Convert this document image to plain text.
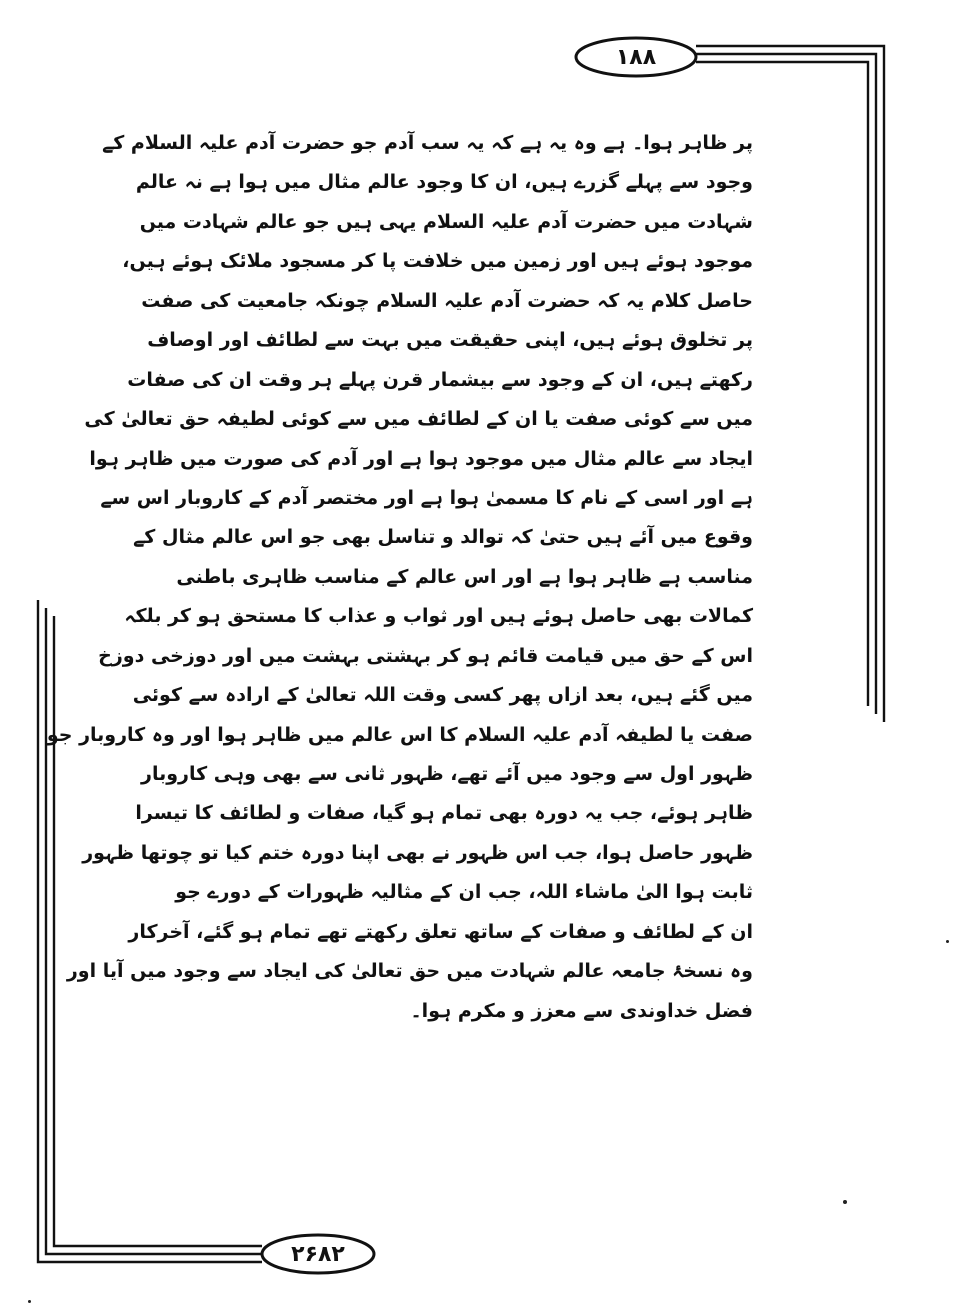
۱۸۸
۲۶۸۲
پر ظاہر ہوا۔ ہے وہ یہ ہے کہ یہ سب آدم جو حضرت آدم علیہ السلام کے
وجود سے پہلے گزرے ہیں، ان کا وجود عالم مثال میں ہوا ہے نہ عالم
شہادت میں حضرت آدم علیہ السلام یہی ہیں جو عالم شہادت میں
موجود ہوئے ہیں اور زمین میں خلافت پا کر مسجود ملائک ہوئے ہیں،
حاصل کلام یہ کہ حضرت آدم علیہ السلام چونکہ جامعیت کی صفت
پر تخلوق ہوئے ہیں، اپنی حقیقت میں بہت سے لطائف اور اوصاف
رکھتے ہیں، ان کے وجود سے بیشمار قرن پہلے ہر وقت ان کی صفات
میں سے کوئی صفت یا ان کے لطائف میں سے کوئی لطیفہ حق تعالیٰ کی
ایجاد سے عالم مثال میں موجود ہوا ہے اور آدم کی صورت میں ظاہر ہوا
ہے اور اسی کے نام کا مسمیٰ ہوا ہے اور مختصر آدم کے کاروبار اس سے
وقوع میں آئے ہیں حتیٰ کہ توالد و تناسل بھی جو اس عالم مثال کے
مناسب ہے ظاہر ہوا ہے اور اس عالم کے مناسب ظاہری باطنی
کمالات بھی حاصل ہوئے ہیں اور ثواب و عذاب کا مستحق ہو کر بلکہ
اس کے حق میں قیامت قائم ہو کر بہشتی بہشت میں اور دوزخی دوزخ
میں گئے ہیں، بعد ازاں پھر کسی وقت اللہ تعالیٰ کے ارادہ سے کوئی
صفت یا لطیفہ آدم علیہ السلام کا اس عالم میں ظاہر ہوا اور وہ کاروبار جو
ظہور اول سے وجود میں آئے تھے، ظہور ثانی سے بھی وہی کاروبار
ظاہر ہوئے، جب یہ دورہ بھی تمام ہو گیا، صفات و لطائف کا تیسرا
ظہور حاصل ہوا، جب اس ظہور نے بھی اپنا دورہ ختم کیا تو چوتھا ظہور
ثابت ہوا الیٰ ماشاء اللہ، جب ان کے مثالیہ ظہورات کے دورے جو
ان کے لطائف و صفات کے ساتھ تعلق رکھتے تھے تمام ہو گئے، آخرکار
وہ نسخۂ جامعہ عالم شہادت میں حق تعالیٰ کی ایجاد سے وجود میں آیا اور
فضل خداوندی سے معزز و مکرم ہوا۔
